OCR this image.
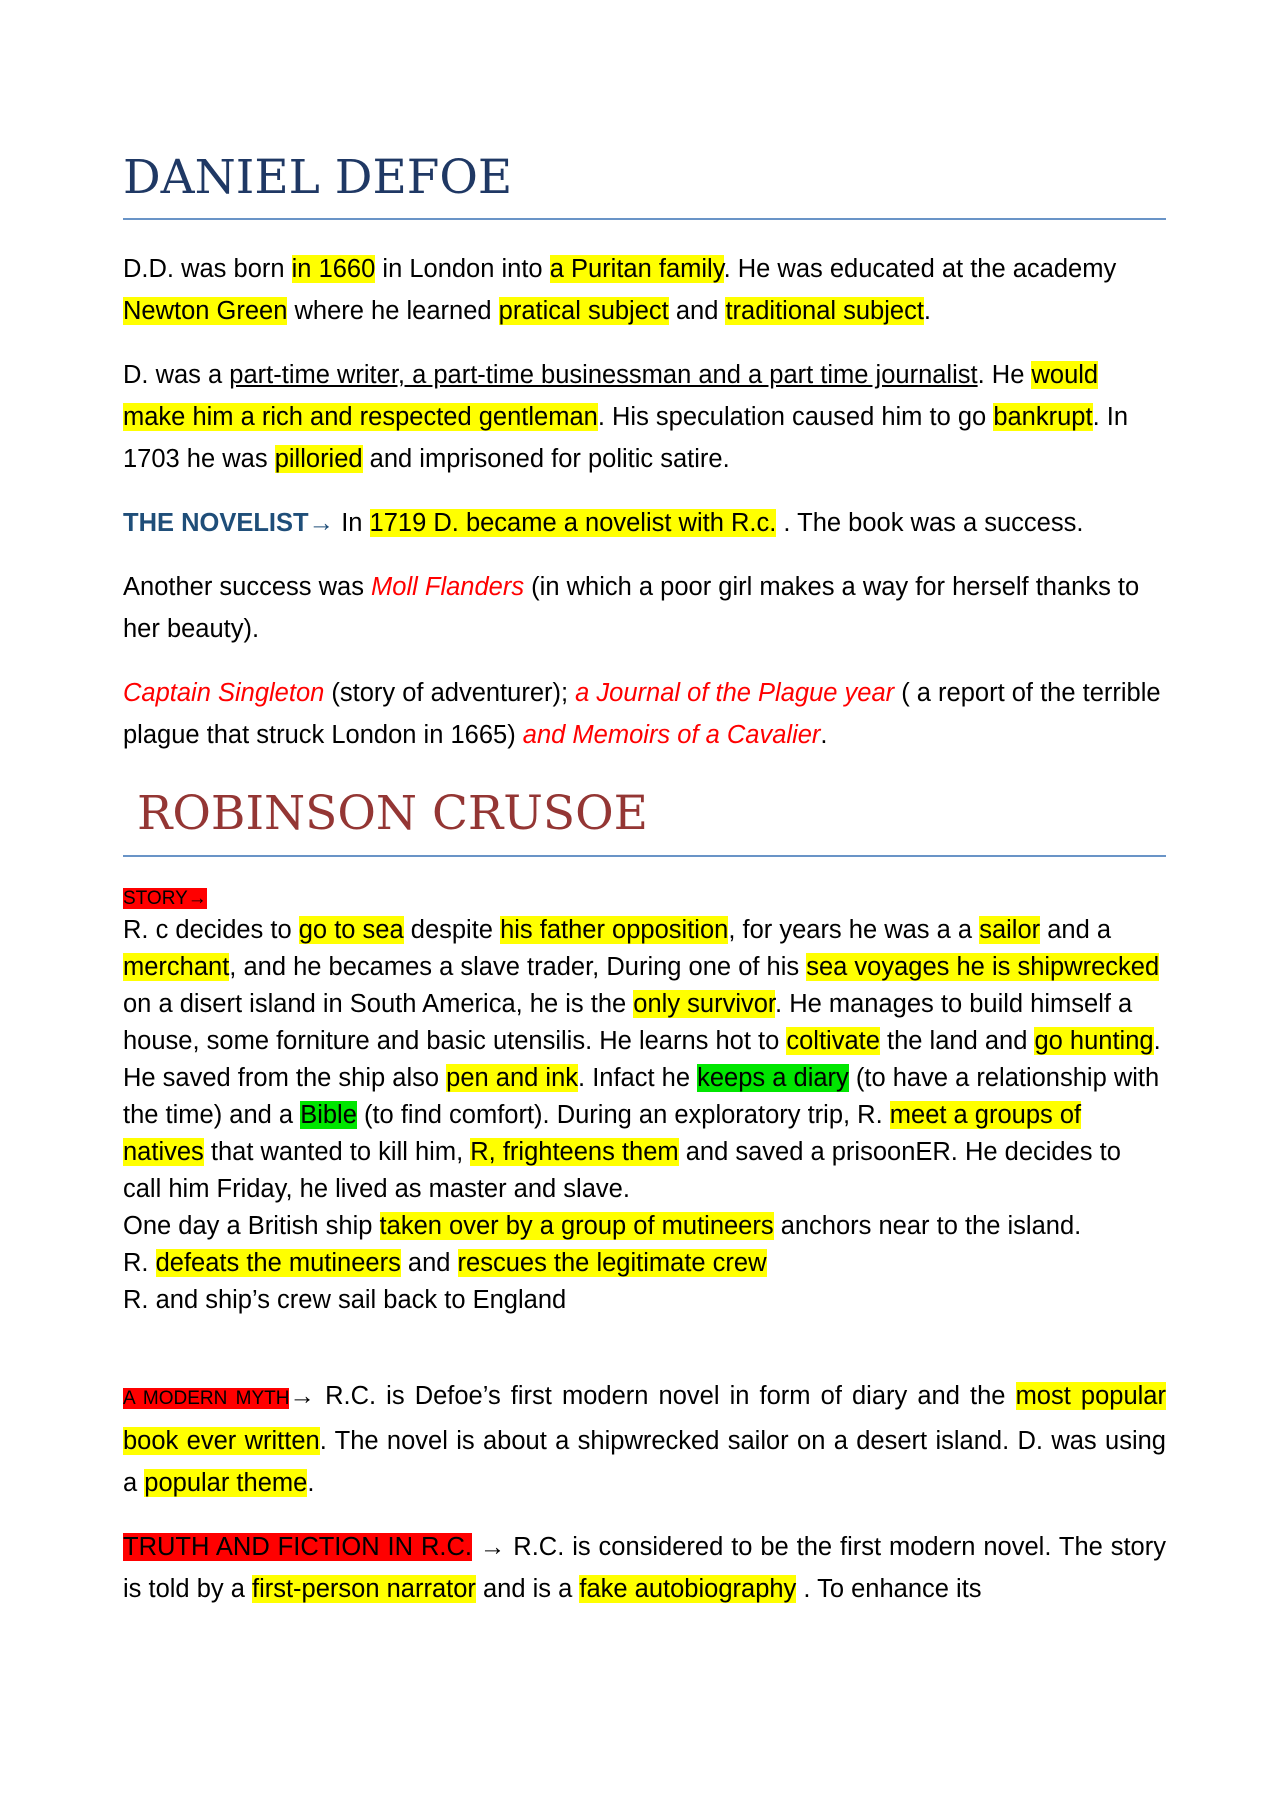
DANIEL DEFOE

D.D. was born in 1660 in London into a Puritan family. He was educated at the academy Newton Green where he learned pratical subject and traditional subject.

D. was a part-time writer, a part-time businessman and a part time journalist. He would make him a rich and respected gentleman. His speculation caused him to go bankrupt. In 1703 he was pilloried and imprisoned for politic satire.

THE NOVELIST→ In 1719 D. became a novelist with R.c. . The book was a success.

Another success was Moll Flanders (in which a poor girl makes a way for herself thanks to her beauty).

Captain Singleton (story of adventurer); a Journal of the Plague year ( a report of the terrible plague that struck London in 1665) and Memoirs of a Cavalier.

ROBINSON CRUSOE
STORY→

R. c decides to go to sea despite his father opposition, for years he was a a sailor and a merchant, and he becames a slave trader, During one of his sea voyages he is shipwrecked on a disert island in South America, he is the only survivor. He manages to build himself a house, some forniture and basic utensilis. He learns hot to coltivate the land and go hunting.

He saved from the ship also pen and ink. Infact he keeps a diary (to have a relationship with the time) and a Bible (to find comfort). During an exploratory trip, R. meet a groups of natives that wanted to kill him, R, frighteens them and saved a prisoonER. He decides to call him Friday, he lived as master and slave.

One day a British ship taken over by a group of mutineers anchors near to the island.

R. defeats the mutineers and rescues the legitimate crew

R. and ship’s crew sail back to England

A MODERN MYTH→ R.C. is Defoe’s first modern novel in form of diary and the most popular book ever written. The novel is about a shipwrecked sailor on a desert island. D. was using a popular theme.

TRUTH AND FICTION IN R.C. → R.C. is considered to be the first modern novel. The story is told by a first-person narrator and is a fake autobiography . To enhance its
